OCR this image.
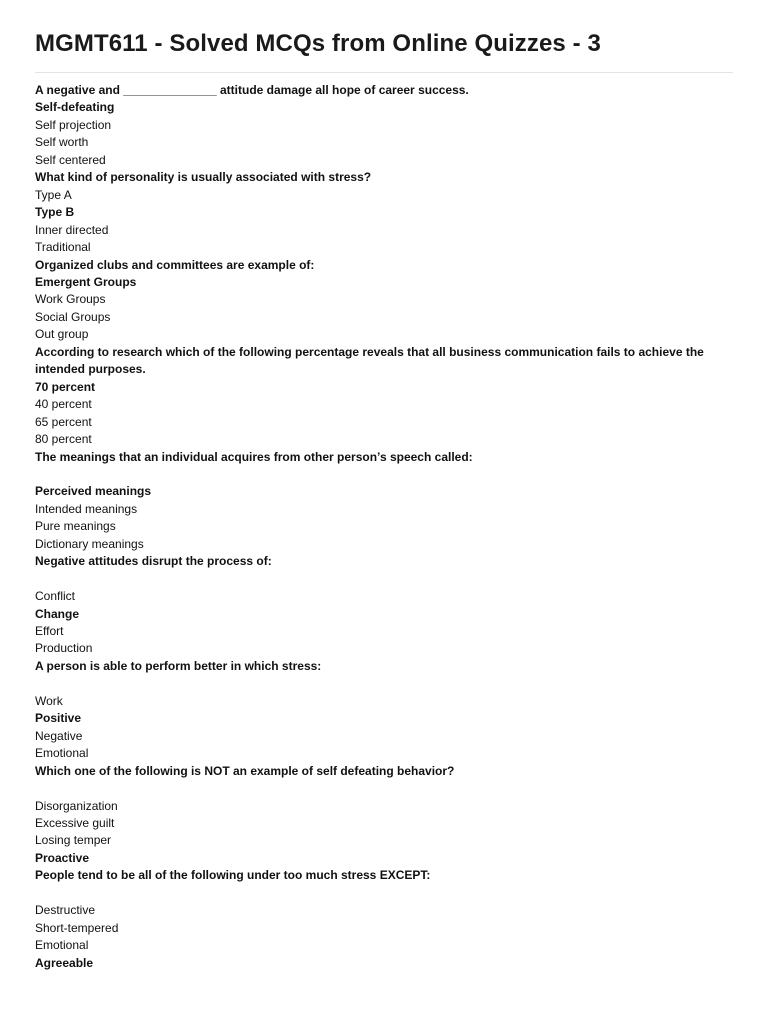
MGMT611 - Solved MCQs from Online Quizzes - 3
A negative and ______________ attitude damage all hope of career success.
Self-defeating
Self projection
Self worth
Self centered
What kind of personality is usually associated with stress?
Type A
Type B
Inner directed
Traditional
Organized clubs and committees are example of:
Emergent Groups
Work Groups
Social Groups
Out group
According to research which of the following percentage reveals that all business communication fails to achieve the intended purposes.
70 percent
40 percent
65 percent
80 percent
The meanings that an individual acquires from other person’s speech called:
Perceived meanings
Intended meanings
Pure meanings
Dictionary meanings
Negative attitudes disrupt the process of:
Conflict
Change
Effort
Production
A person is able to perform better in which stress:
Work
Positive
Negative
Emotional
Which one of the following is NOT an example of self defeating behavior?
Disorganization
Excessive guilt
Losing temper
Proactive
People tend to be all of the following under too much stress EXCEPT:
Destructive
Short-tempered
Emotional
Agreeable
